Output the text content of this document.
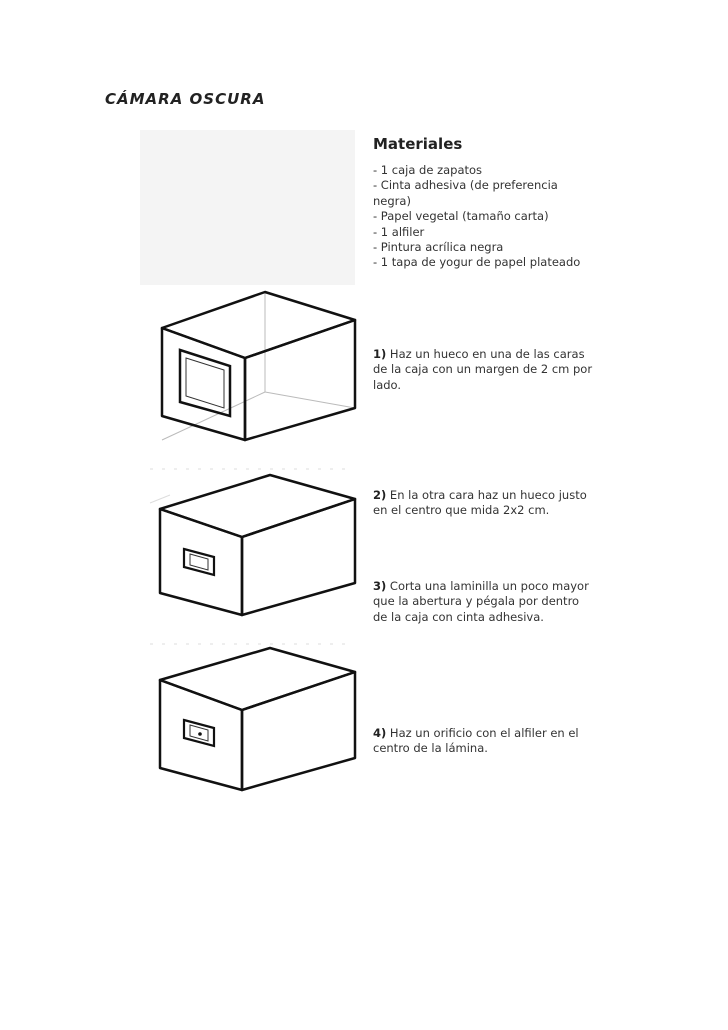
CÁMARA OSCURA
Materiales
- 1 caja de zapatos
- Cinta adhesiva (de preferencia negra)
- Papel vegetal (tamaño carta)
- 1 alfiler
- Pintura acrílica negra
- 1 tapa de yogur de papel plateado
1) Haz un hueco en una de las caras de la caja con un margen de 2 cm por lado.
2) En la otra cara haz un hueco justo en el centro que mida 2x2 cm.
3) Corta una laminilla un poco mayor que la abertura y pégala por dentro de la caja con cinta adhesiva.
4) Haz un orificio con el alfiler en el centro de la lámina.
